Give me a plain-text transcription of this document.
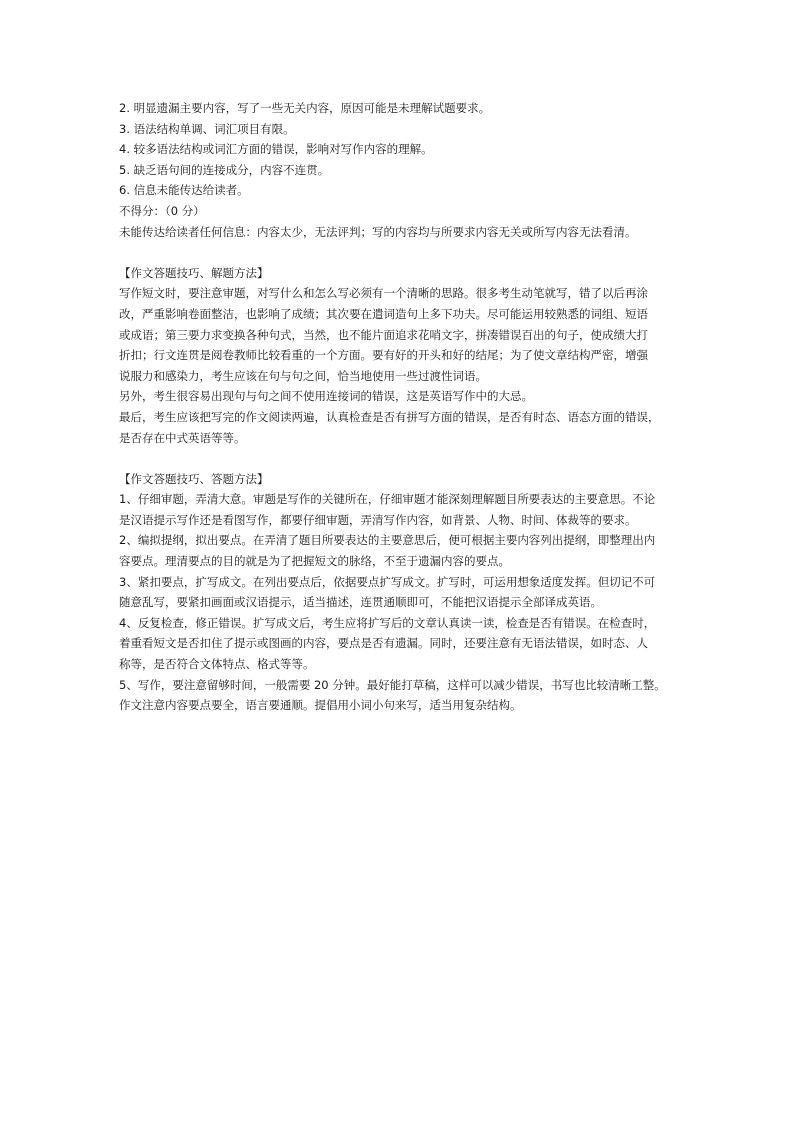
2. 明显遗漏主要内容，写了一些无关内容，原因可能是未理解试题要求。
3. 语法结构单调、词汇项目有限。
4. 较多语法结构或词汇方面的错误，影响对写作内容的理解。
5. 缺乏语句间的连接成分，内容不连贯。
6. 信息未能传达给读者。
不得分：（0 分）
未能传达给读者任何信息：内容太少，无法评判；写的内容均与所要求内容无关或所写内容无法看清。
【作文答题技巧、解题方法】
写作短文时，要注意审题，对写什么和怎么写必须有一个清晰的思路。很多考生动笔就写，错了以后再涂
改，严重影响卷面整洁，也影响了成绩；其次要在遣词造句上多下功夫。尽可能运用较熟悉的词组、短语
或成语；第三要力求变换各种句式，当然，也不能片面追求花哨文字，拼凑错误百出的句子，使成绩大打
折扣；行文连贯是阅卷教师比较看重的一个方面。要有好的开头和好的结尾；为了使文章结构严密，增强
说服力和感染力，考生应该在句与句之间，恰当地使用一些过渡性词语。
另外，考生很容易出现句与句之间不使用连接词的错误，这是英语写作中的大忌。
最后，考生应该把写完的作文阅读两遍，认真检查是否有拼写方面的错误，是否有时态、语态方面的错误，
是否存在中式英语等等。
【作文答题技巧、答题方法】
1、仔细审题，弄清大意。审题是写作的关键所在，仔细审题才能深刻理解题目所要表达的主要意思。不论
是汉语提示写作还是看图写作，都要仔细审题，弄清写作内容，如背景、人物、时间、体裁等的要求。
2、编拟提纲，拟出要点。在弄清了题目所要表达的主要意思后，便可根据主要内容列出提纲，即整理出内
容要点。理清要点的目的就是为了把握短文的脉络，不至于遗漏内容的要点。
3、紧扣要点，扩写成文。在列出要点后，依据要点扩写成文。扩写时，可运用想象适度发挥。但切记不可
随意乱写，要紧扣画面或汉语提示，适当描述，连贯通顺即可，不能把汉语提示全部译成英语。
4、反复检查，修正错误。扩写成文后，考生应将扩写后的文章认真读一读，检查是否有错误。在检查时，
着重看短文是否扣住了提示或图画的内容，要点是否有遗漏。同时，还要注意有无语法错误，如时态、人
称等，是否符合文体特点、格式等等。
5、写作，要注意留够时间，一般需要 20 分钟。最好能打草稿，这样可以减少错误，书写也比较清晰工整。
作文注意内容要点要全，语言要通顺。提倡用小词小句来写，适当用复杂结构。
